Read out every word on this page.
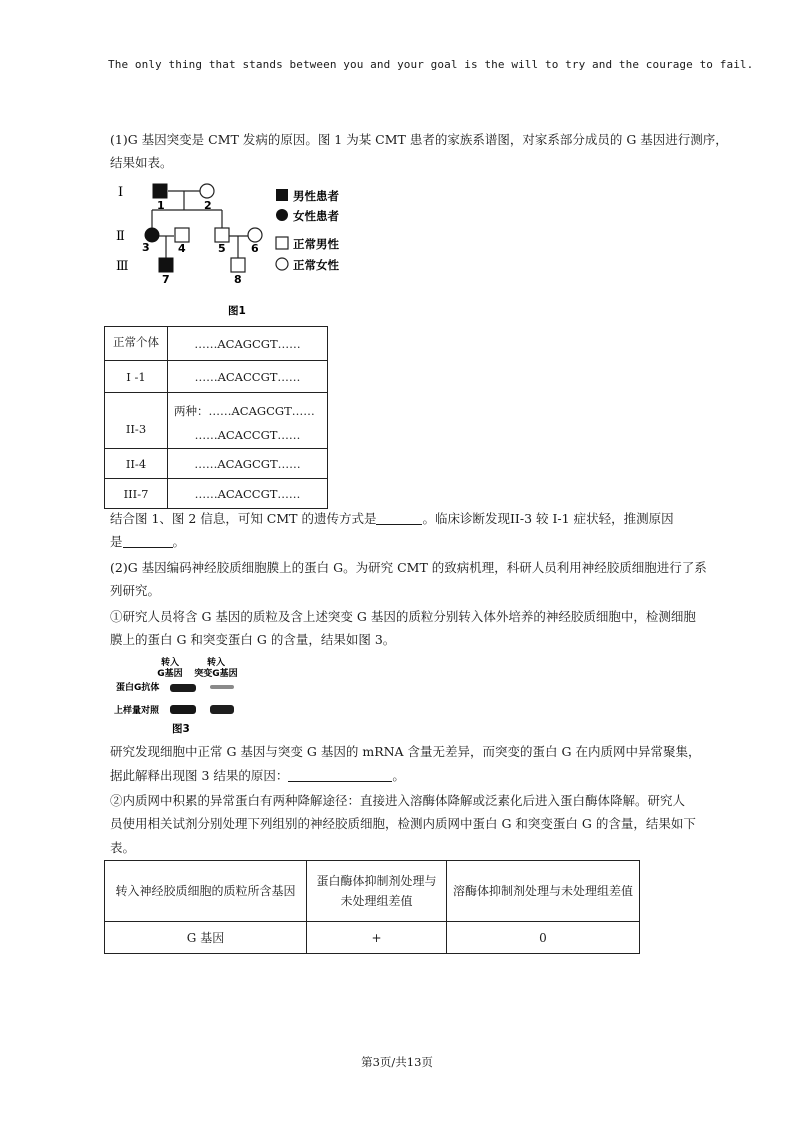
The only thing that stands between you and your goal is the will to try and the courage to fail.
(1)G 基因突变是 CMT 发病的原因。图 1 为某 CMT 患者的家族系谱图，对家系部分成员的 G 基因进行测序，
结果如表。
Ⅰ
Ⅱ
Ⅲ
1	2
3	4	5 6
7	8
男性患者
女性患者
正常男性
正常女性
图1
正常个体	……ACAGCGT……
I -1	……ACACCGT……
II-3	两种：……ACAGCGT……
……ACACCGT……

II-4	……ACAGCGT……
III-7	……ACACCGT……
结合图 1、图 2 信息，可知 CMT 的遗传方式是	。临床诊断发现II-3 较 I-1 症状轻，推测原因
是	。
(2)G 基因编码神经胶质细胞膜上的蛋白 G。为研究 CMT 的致病机理，科研人员利用神经胶质细胞进行了系
列研究。
①研究人员将含 G 基因的质粒及含上述突变 G 基因的质粒分别转入体外培养的神经胶质细胞中，检测细胞
膜上的蛋白 G 和突变蛋白 G 的含量，结果如图 3。
转入
G基因
转入
突变G基因
蛋白G抗体
上样量对照
图3
研究发现细胞中正常 G 基因与突变 G 基因的 mRNA 含量无差异，而突变的蛋白 G 在内质网中异常聚集，
据此解释出现图 3 结果的原因：	。
②内质网中积累的异常蛋白有两种降解途径：直接进入溶酶体降解或泛素化后进入蛋白酶体降解。研究人
员使用相关试剂分别处理下列组别的神经胶质细胞，检测内质网中蛋白 G 和突变蛋白 G 的含量，结果如下
表。
转入神经胶质细胞的质粒所含基因	蛋白酶体抑制剂处理与
未处理组差值	溶酶体抑制剂处理与未处理组差值
G 基因	+	0
第3页/共13页
